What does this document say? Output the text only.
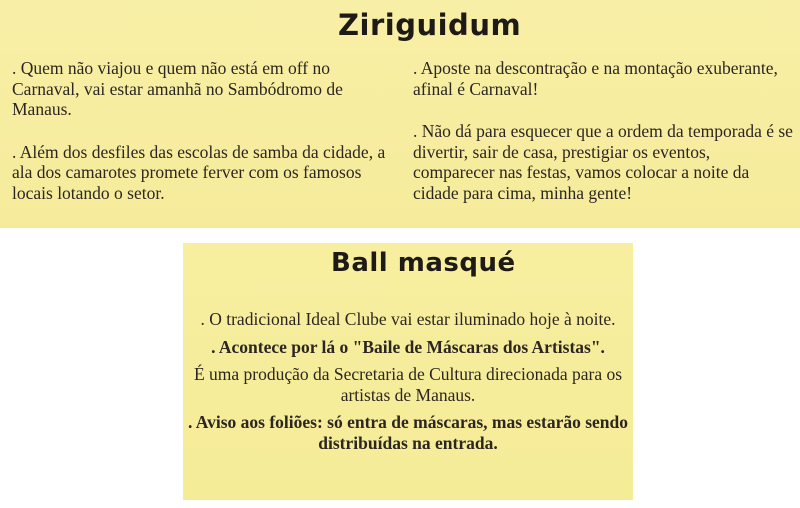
Ziriguidum

. Quem não viajou e quem não está em off no Carnaval, vai estar amanhã no Sambódromo de Manaus.

. Além dos desfiles das escolas de samba da cidade, a ala dos camarotes promete ferver com os famosos locais lotando o setor.

. Aposte na descontração e na montação exuberante, afinal é Carnaval!

. Não dá para esquecer que a ordem da temporada é se divertir, sair de casa, prestigiar os eventos, comparecer nas festas, vamos colocar a noite da cidade para cima, minha gente!

Ball masqué

. O tradicional Ideal Clube vai estar iluminado hoje à noite.

. Acontece por lá o "Baile de Máscaras dos Artistas".

É uma produção da Secretaria de Cultura direcionada para os artistas de Manaus.

. Aviso aos foliões: só entra de máscaras, mas estarão sendo distribuídas na entrada.
